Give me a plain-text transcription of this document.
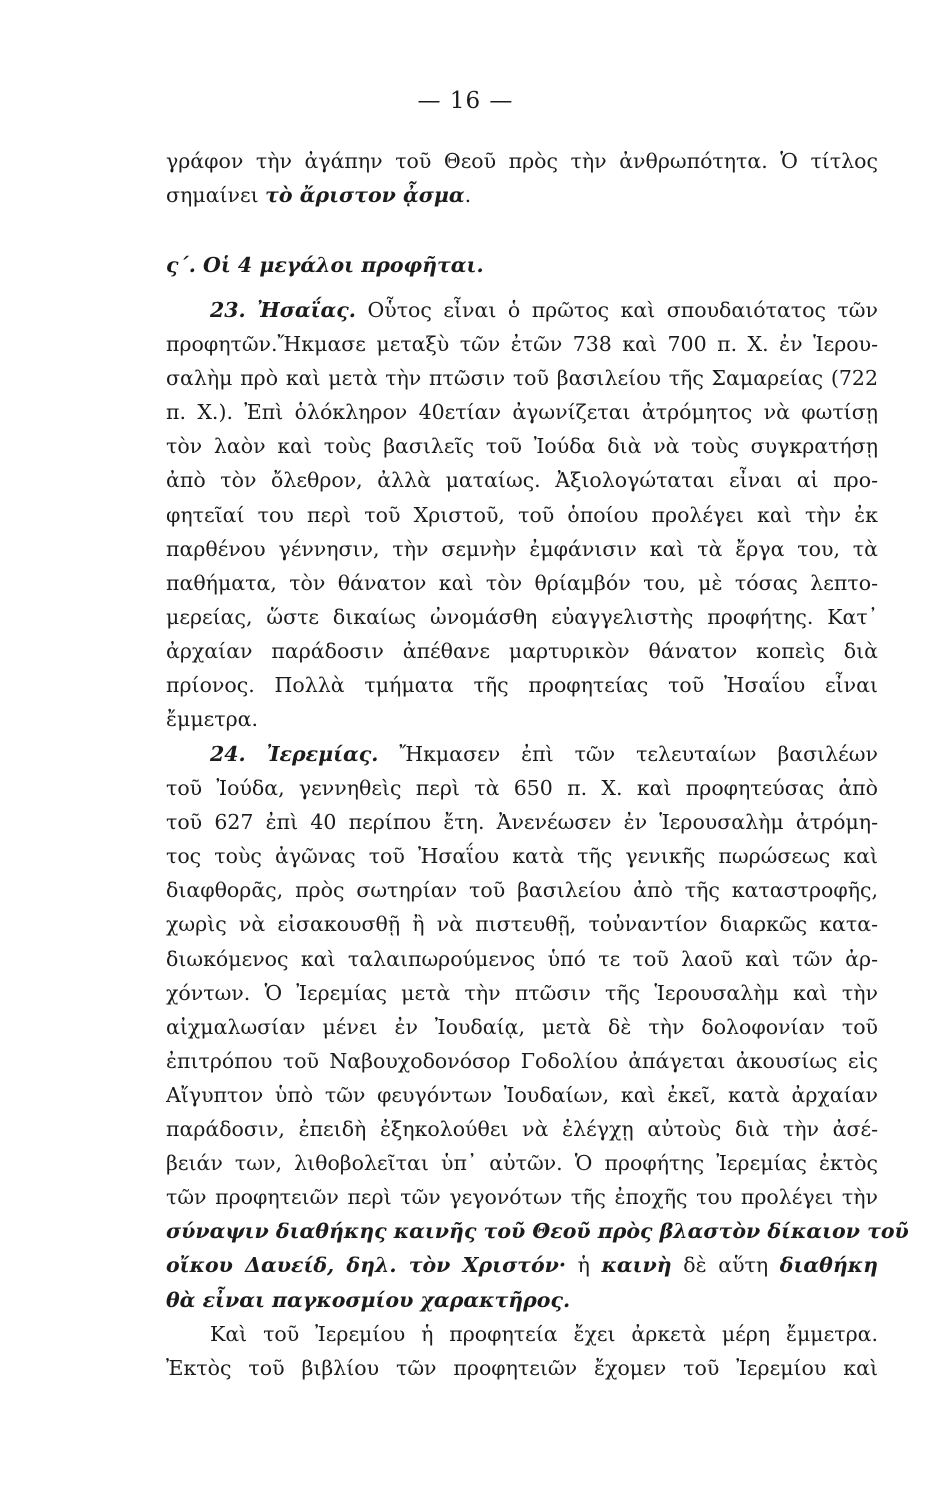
— 16 —
γράφον τὴν ἀγάπην τοῦ Θεοῦ πρὸς τὴν ἀνθρωπότητα. Ὁ τίτλος
σημαίνει τὸ ἄριστον ᾆσμα.
ς΄. Οἱ 4 μεγάλοι προφῆται.
23. Ἠσαΐας. Οὗτος εἶναι ὁ πρῶτος καὶ σπουδαιότατος τῶν
προφητῶν.Ἤκμασε μεταξὺ τῶν ἐτῶν 738 καὶ 700 π. Χ. ἐν Ἱερου-
σαλὴμ πρὸ καὶ μετὰ τὴν πτῶσιν τοῦ βασιλείου τῆς Σαμαρείας (722
π. Χ.). Ἐπὶ ὁλόκληρον 40ετίαν ἀγωνίζεται ἀτρόμητος νὰ φωτίσῃ
τὸν λαὸν καὶ τοὺς βασιλεῖς τοῦ Ἰούδα διὰ νὰ τοὺς συγκρατήσῃ
ἀπὸ τὸν ὄλεθρον, ἀλλὰ ματαίως. Ἀξιολογώταται εἶναι αἱ προ-
φητεῖαί του περὶ τοῦ Χριστοῦ, τοῦ ὁποίου προλέγει καὶ τὴν ἐκ
παρθένου γέννησιν, τὴν σεμνὴν ἐμφάνισιν καὶ τὰ ἔργα του, τὰ
παθήματα, τὸν θάνατον καὶ τὸν θρίαμβόν του, μὲ τόσας λεπτο-
μερείας, ὥστε δικαίως ὠνομάσθη εὐαγγελιστὴς προφήτης. Κατ᾿
ἀρχαίαν παράδοσιν ἀπέθανε μαρτυρικὸν θάνατον κοπεὶς διὰ
πρίονος. Πολλὰ τμήματα τῆς προφητείας τοῦ Ἠσαΐου εἶναι
ἔμμετρα.
24. Ἰερεμίας. Ἤκμασεν ἐπὶ τῶν τελευταίων βασιλέων
τοῦ Ἰούδα, γεννηθεὶς περὶ τὰ 650 π. Χ. καὶ προφητεύσας ἀπὸ
τοῦ 627 ἐπὶ 40 περίπου ἔτη. Ἀνενέωσεν ἐν Ἱερουσαλὴμ ἀτρόμη-
τος τοὺς ἀγῶνας τοῦ Ἠσαΐου κατὰ τῆς γενικῆς πωρώσεως καὶ
διαφθορᾶς, πρὸς σωτηρίαν τοῦ βασιλείου ἀπὸ τῆς καταστροφῆς,
χωρὶς νὰ εἰσακουσθῇ ἢ νὰ πιστευθῇ, τοὐναντίον διαρκῶς κατα-
διωκόμενος καὶ ταλαιπωρούμενος ὑπό τε τοῦ λαοῦ καὶ τῶν ἀρ-
χόντων. Ὁ Ἰερεμίας μετὰ τὴν πτῶσιν τῆς Ἱερουσαλὴμ καὶ τὴν
αἰχμαλωσίαν μένει ἐν Ἰουδαίᾳ, μετὰ δὲ τὴν δολοφονίαν τοῦ
ἐπιτρόπου τοῦ Ναβουχοδονόσορ Γοδολίου ἀπάγεται ἀκουσίως εἰς
Αἴγυπτον ὑπὸ τῶν φευγόντων Ἰουδαίων, καὶ ἐκεῖ, κατὰ ἀρχαίαν
παράδοσιν, ἐπειδὴ ἐξηκολούθει νὰ ἐλέγχῃ αὐτοὺς διὰ τὴν ἀσέ-
βειάν των, λιθοβολεῖται ὑπ᾿ αὐτῶν. Ὁ προφήτης Ἰερεμίας ἐκτὸς
τῶν προφητειῶν περὶ τῶν γεγονότων τῆς ἐποχῆς του προλέγει τὴν
σύναψιν διαθήκης καινῆς τοῦ Θεοῦ πρὸς βλαστὸν δίκαιον τοῦ
οἴκου Δαυείδ, δηλ. τὸν Χριστόν· ἡ καινὴ δὲ αὕτη διαθήκη
θὰ εἶναι παγκοσμίου χαρακτῆρος.
Καὶ τοῦ Ἰερεμίου ἡ προφητεία ἔχει ἀρκετὰ μέρη ἔμμετρα.
Ἐκτὸς τοῦ βιβλίου τῶν προφητειῶν ἔχομεν τοῦ Ἰερεμίου καὶ
